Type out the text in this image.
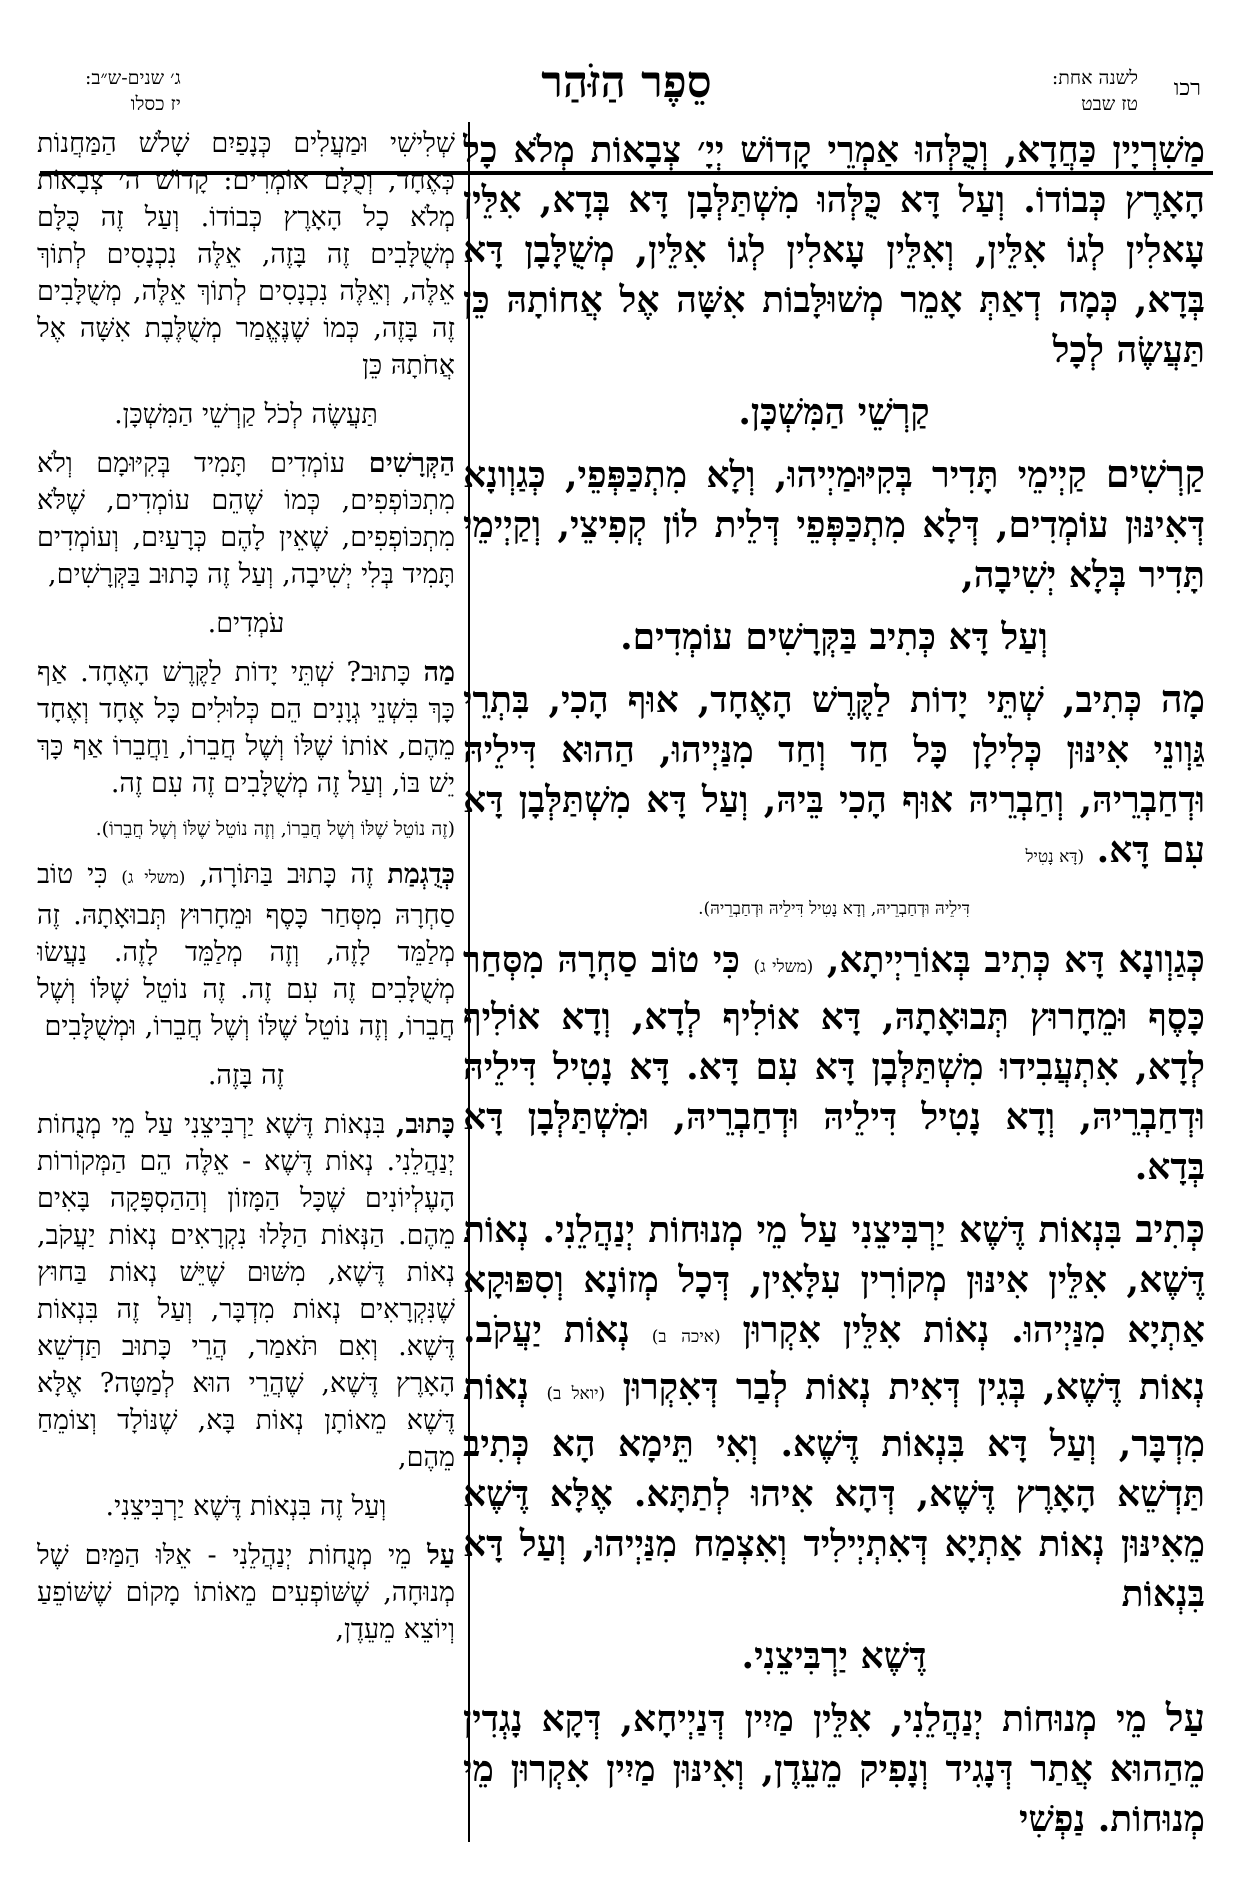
רכו
לשנה אחת:
טז שבט
סֵפֶר הַזֹּהַר
ג׳ שנים-ש״ב:
יז כסלו

מַשִׁרְיָין כַּחֲדָא, וְכֻלְּהוּ אַמְרֵי קָדוֹשׁ יְיָ׳ צְבָאוֹת מְלֹא כָל הָאָרֶץ כְּבוֹדוֹ. וְעַל דָּא כֻּלְּהוּ מִשְׁתַּלְּבָן דָּא בְּדָא, אִלֵּין עָאלִין לְגוֹ אִלֵּין, וְאִלֵּין עָאלִין לְגוֹ אִלֵּין, מְשֻׁלָּבָן דָּא בְּדָא, כְּמָה דְאַתְּ אָמֵר מְשׁוּלָּבוֹת אִשָּׁה אֶל אֲחוֹתָהּ כֵּן תַּעֲשֶׂה לְכָל

קַרְשֵׁי הַמִּשְׁכָּן.

קַרְשִׁים קַיְימֵי תָּדִיר בְּקִיּוּמַיְיהוּ, וְלָא מִתְכַּפְּפֵי, כְּגַוְונָא דְּאִינּוּן עוֹמְדִים, דְּלָא מִתְכַּפְּפֵי דְּלֵית לוֹן קְפִיצֵי, וְקַיְימֵי תָּדִיר בְּלָא יְשִׁיבָה,

וְעַל דָּא כְּתִיב בַּקְּרָשִׁים עוֹמְדִים.

מָה כְּתִיב, שְׁתֵּי יָדוֹת לַקֶּרֶשׁ הָאֶחָד, אוּף הָכִי, בִּתְרֵי גַּוְונֵי אִינּוּן כְּלִילָן כָּל חַד וְחַד מִנַּיְיהוּ, הַהוּא דִּילֵיהּ וּדְחַבְרֵיהּ, וְחַבְרֵיהּ אוּף הָכִי בֵּיהּ, וְעַל דָּא מִשְׁתַּלְּבָן דָּא עִם דָּא. (דָּא נָטִיל

דִּילֵיהּ וּדְחַבְרֵיהּ, וְדָא נָטִיל דִּילֵיהּ וּדְחַבְרֵיהּ).

כְּגַוְונָא דָּא כְּתִיב בְּאוֹרַיְיתָא, (משלי ג) כִּי טוֹב סַחְרָהּ מִסְּחַר כָּסֶף וּמֵחָרוּץ תְּבוּאָתָהּ, דָּא אוֹלִיף לְדָא, וְדָא אוֹלִיף לְדָא, אִתְעֲבִידוּ מִשְׁתַּלְּבָן דָּא עִם דָּא. דָּא נָטִיל דִּילֵיהּ וּדְחַבְרֵיהּ, וְדָא נָטִיל דִּילֵיהּ וּדְחַבְרֵיהּ, וּמִשְׁתַּלְּבָן דָּא בְּדָא.

כְּתִיב בִּנְאוֹת דֶּשֶׁא יַרְבִּיצֵנִי עַל מֵי מְנוּחוֹת יְנַהֲלֵנִי. נְאוֹת דֶּשֶׁא, אִלֵּין אִינּוּן מְקוֹרִין עִלָּאִין, דְּכָל מְזוֹנָא וְסִפּוּקָא אַתְיָא מִנַּיְיהוּ. נְאוֹת אִלֵּין אִקְרוּן (איכה ב) נְאוֹת יַעֲקֹב. נְאוֹת דֶּשֶׁא, בְּגִין דְּאִית נְאוֹת לְבַר דְּאִקְרוּן (יואל ב) נְאוֹת מִדְבָּר, וְעַל דָּא בִּנְאוֹת דֶּשֶׁא. וְאִי תֵּימָא הָא כְּתִיב תַּדְשֵׁא הָאָרֶץ דֶּשֶׁא, דְּהָא אִיהוּ לְתַתָּא. אֶלָּא דֶּשֶׁא מֵאִינּוּן נְאוֹת אַתְיָא דְּאִתְיְילִיד וְאִצְמַח מִנַּיְיהוּ, וְעַל דָּא בִּנְאוֹת

דֶּשֶׁא יַרְבִּיצֵנִי.

עַל מֵי מְנוּחוֹת יְנַהֲלֵנִי, אִלֵּין מַיִין דְּנַיְיחָא, דְּקָא נָגְדִין מֵהַהוּא אֲתַר דְּנָגִיד וְנָפִיק מֵעֵדֶן, וְאִינּוּן מַיִין אִקְרוּן מֵי מְנוּחוֹת. נַפְשִׁי

שְׁלִישִׁי וּמַעֲלִים כְּנָפַיִם שָׁלֹשׁ הַמַּחֲנוֹת כְּאֶחָד, וְכֻלָּם אוֹמְרִים: קָדוֹשׁ ה׳ צְבָאוֹת מְלֹא כָל הָאָרֶץ כְּבוֹדוֹ. וְעַל זֶה כֻּלָּם מְשֻׁלָּבִים זֶה בָּזֶה, אֵלֶּה נִכְנָסִים לְתוֹךְ אֵלֶּה, וְאֵלֶּה נִכְנָסִים לְתוֹךְ אֵלֶּה, מְשֻׁלָּבִים זֶה בָּזֶה, כְּמוֹ שֶׁנֶּאֱמַר מְשֻׁלֶּבֶת אִשָּׁה אֶל אֲחֹתָהּ כֵּן

תַּעֲשֶׂה לְכֹל קַרְשֵׁי הַמִּשְׁכָּן.

הַקְּרָשִׁים עוֹמְדִים תָּמִיד בְּקִיּוּמָם וְלֹא מִתְכּוֹפְפִים, כְּמוֹ שֶׁהֵם עוֹמְדִים, שֶׁלֹּא מִתְכּוֹפְפִים, שֶׁאֵין לָהֶם כְּרָעַיִם, וְעוֹמְדִים תָּמִיד בְּלִי יְשִׁיבָה, וְעַל זֶה כָּתוּב בַּקְּרָשִׁים,

עֹמְדִים.

מַה כָּתוּב? שְׁתֵּי יָדוֹת לַקֶּרֶשׁ הָאֶחָד. אַף כָּךְ בִּשְׁנֵי גְוָנִים הֵם כְּלוּלִים כָּל אֶחָד וְאֶחָד מֵהֶם, אוֹתוֹ שֶׁלּוֹ וְשֶׁל חֲבֵרוֹ, וַחֲבֵרוֹ אַף כָּךְ יֵשׁ בּוֹ, וְעַל זֶה מְשֻׁלָּבִים זֶה עִם זֶה.

(זֶה נוֹטֵל שֶׁלּוֹ וְשֶׁל חֲבֵרוֹ, וְזֶה נוֹטֵל שֶׁלּוֹ וְשֶׁל חֲבֵרוֹ).

כְּדֻגְמַת זֶה כָּתוּב בַּתּוֹרָה, (משלי ג) כִּי טוֹב סַחְרָהּ מִסְּחַר כָּסֶף וּמֵחָרוּץ תְּבוּאָתָהּ. זֶה מְלַמֵּד לָזֶה, וְזֶה מְלַמֵּד לָזֶה. נַעֲשׂוּ מְשֻׁלָּבִים זֶה עִם זֶה. זֶה נוֹטֵל שֶׁלּוֹ וְשֶׁל חֲבֵרוֹ, וְזֶה נוֹטֵל שֶׁלּוֹ וְשֶׁל חֲבֵרוֹ, וּמְשֻׁלָּבִים

זֶה בָּזֶה.

כָּתוּב, בִּנְאוֹת דֶּשֶׁא יַרְבִּיצֵנִי עַל מֵי מְנֻחוֹת יְנַהֲלֵנִי. נְאוֹת דֶּשֶׁא - אֵלֶּה הֵם הַמְּקוֹרוֹת הָעֶלְיוֹנִים שֶׁכָּל הַמָּזוֹן וְהַהַסְפָּקָה בָּאִים מֵהֶם. הַנְּאוֹת הַלָּלוּ נִקְרָאִים נְאוֹת יַעֲקֹב, נְאוֹת דֶּשֶׁא, מִשּׁוּם שֶׁיֵּשׁ נְאוֹת בַּחוּץ שֶׁנִּקְרָאִים נְאוֹת מִדְבָּר, וְעַל זֶה בִּנְאוֹת דֶּשֶׁא. וְאִם תֹּאמַר, הֲרֵי כָּתוּב תַּדְשֵׁא הָאָרֶץ דֶּשֶׁא, שֶׁהֲרֵי הוּא לְמַטָּה? אֶלָּא דֶּשֶׁא מֵאוֹתָן נְאוֹת בָּא, שֶׁנּוֹלָד וְצוֹמֵחַ מֵהֶם,

וְעַל זֶה בִּנְאוֹת דֶּשֶׁא יַרְבִּיצֵנִי.

עַל מֵי מְנֻחוֹת יְנַהֲלֵנִי - אֵלּוּ הַמַּיִם שֶׁל מְנוּחָה, שֶׁשּׁוֹפְעִים מֵאוֹתוֹ מָקוֹם שֶׁשּׁוֹפֵעַ וְיוֹצֵא מֵעֵדֶן,
